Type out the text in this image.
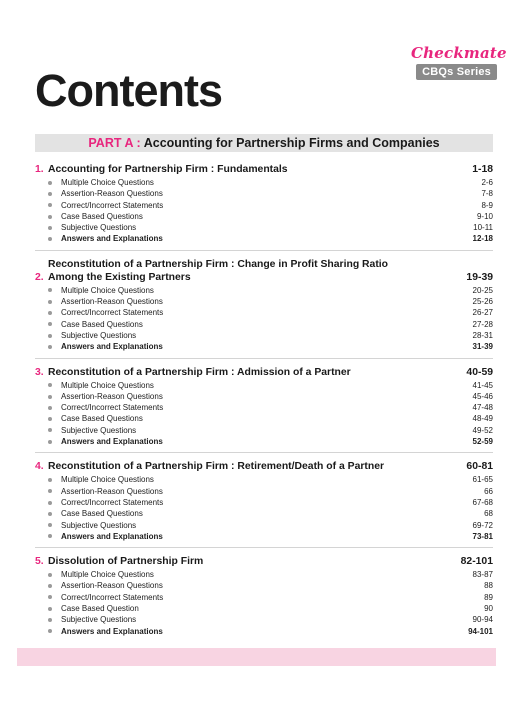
Checkmate
CBQs Series
Contents
PART A : Accounting for Partnership Firms and Companies
1. Accounting for Partnership Firm : Fundamentals	1-18
Multiple Choice Questions	2-6
Assertion-Reason Questions	7-8
Correct/Incorrect Statements	8-9
Case Based Questions	9-10
Subjective Questions	10-11
Answers and Explanations	12-18
2.
Reconstitution of a Partnership Firm : Change in Profit Sharing Ratio Among the Existing Partners	19-39
Multiple Choice Questions	20-25
Assertion-Reason Questions	25-26
Correct/Incorrect Statements	26-27
Case Based Questions	27-28
Subjective Questions	28-31
Answers and Explanations	31-39
3. Reconstitution of a Partnership Firm : Admission of a Partner	40-59
Multiple Choice Questions	41-45
Assertion-Reason Questions	45-46
Correct/Incorrect Statements	47-48
Case Based Questions	48-49
Subjective Questions	49-52
Answers and Explanations	52-59
4. Reconstitution of a Partnership Firm : Retirement/Death of a Partner	60-81
Multiple Choice Questions	61-65
Assertion-Reason Questions	66
Correct/Incorrect Statements	67-68
Case Based Questions	68
Subjective Questions	69-72
Answers and Explanations	73-81
5. Dissolution of Partnership Firm	82-101
Multiple Choice Questions	83-87
Assertion-Reason Questions	88
Correct/Incorrect Statements	89
Case Based Question	90
Subjective Questions	90-94
Answers and Explanations	94-101
